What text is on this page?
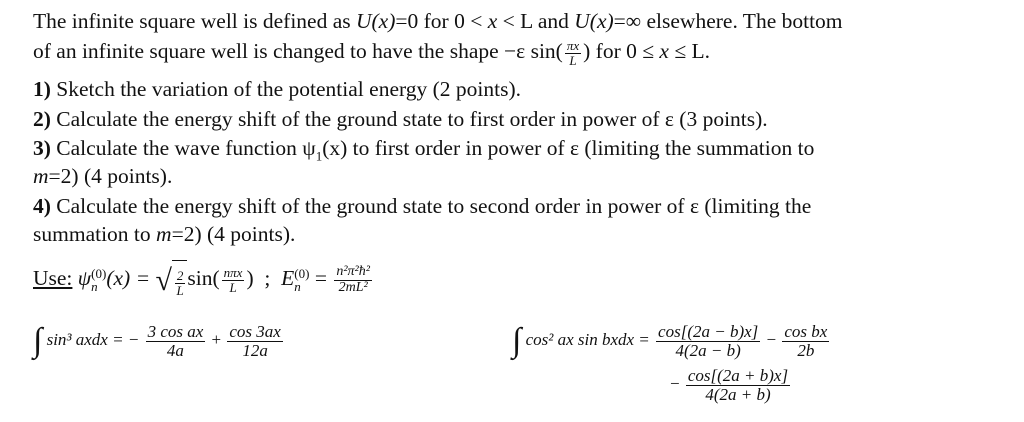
The infinite square well is defined as U(x)=0 for 0 < x < L and U(x)=∞ elsewhere. The bottom
of an infinite square well is changed to have the shape −ε $\sin( \frac{\pi x}{L}$ ) for 0 ≤ x ≤ L.
1) Sketch the variation of the potential energy (2 points).
2) Calculate the energy shift of the ground state to first order in power of ε (3 points).
3) Calculate the wave function $\psi_1(x)$ to first order in power of ε (limiting the summation to
m=2) (4 points).
4) Calculate the energy shift of the ground state to second order in power of ε (limiting the
summation to m=2) (4 points).
Use: ψ (0)
n (x) = √ $\frac{2}{L} \sin( \frac{\text{nπx}}{L}$ ) ; E (0)
$n = \frac{\text{n²π²ħ²}}{\text{2mL²}}$
∫ sin³ axdx = − $\frac{\text{3 cos ax}}{4a} + \frac{\cos 3ax}{12a}$	∫ cos² ax sin bxdx = $\frac{\cos[(2a - b)x]}{4(2a - b)} - \frac{\text{cos bx}}{2b}$
− $\frac{\cos[(2a + b)x]}{4(2a + b)}$
